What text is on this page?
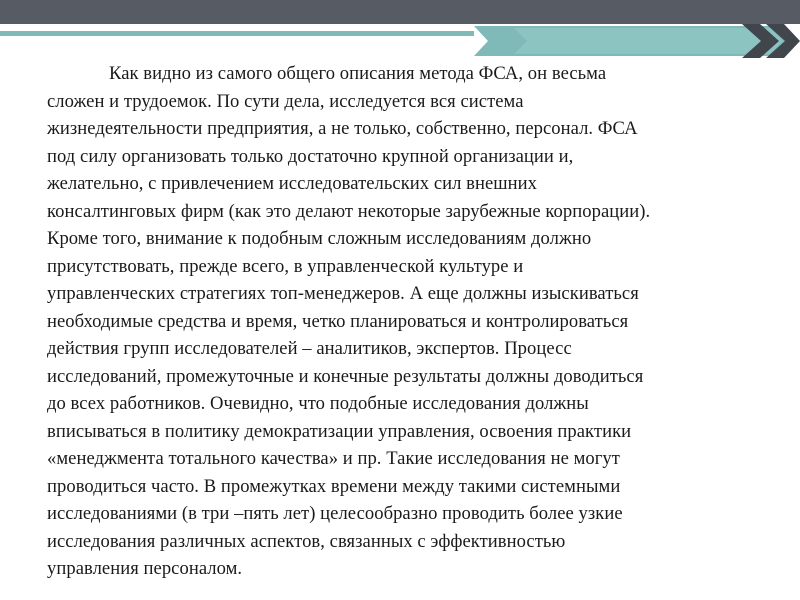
Как видно из самого общего описания метода ФСА, он весьма
сложен и трудоемок. По сути дела, исследуется вся система
жизнедеятельности предприятия, а не только, собственно, персонал. ФСА
под силу организовать только достаточно крупной организации и,
желательно, с привлечением исследовательских сил внешних
консалтинговых фирм (как это делают некоторые зарубежные корпорации).
Кроме того, внимание к подобным сложным исследованиям должно
присутствовать, прежде всего, в управленческой культуре и
управленческих стратегиях топ-менеджеров. А еще должны изыскиваться
необходимые средства и время, четко планироваться и контролироваться
действия групп исследователей – аналитиков, экспертов. Процесс
исследований, промежуточные и конечные результаты должны доводиться
до всех работников. Очевидно, что подобные исследования должны
вписываться в политику демократизации управления, освоения практики
«менеджмента тотального качества» и пр. Такие исследования не могут
проводиться часто. В промежутках времени между такими системными
исследованиями (в три –пять лет) целесообразно проводить более узкие
исследования различных аспектов, связанных с эффективностью
управления персоналом.
